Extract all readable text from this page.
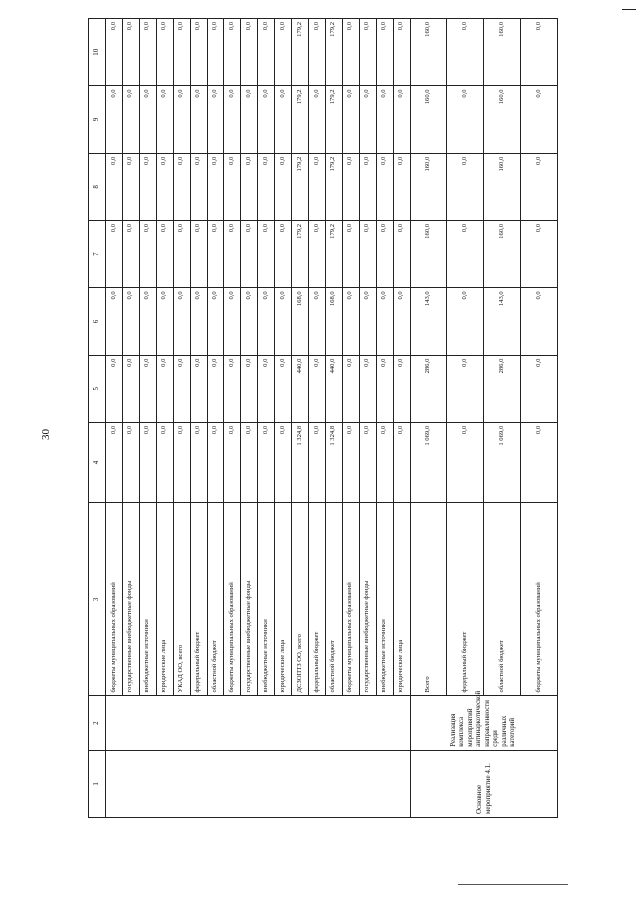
30
1	2	3	4	5	6	7	8	9	10
		бюджеты муниципальных образований	0,0	0,0	0,0	0,0	0,0	0,0	0,0
		государственные внебюджетные фонды	0,0	0,0	0,0	0,0	0,0	0,0	0,0
		внебюджетные источники	0,0	0,0	0,0	0,0	0,0	0,0	0,0
		юридические лица	0,0	0,0	0,0	0,0	0,0	0,0	0,0
		УКАД ОО, всего	0,0	0,0	0,0	0,0	0,0	0,0	0,0
		федеральный бюджет	0,0	0,0	0,0	0,0	0,0	0,0	0,0
		областной бюджет	0,0	0,0	0,0	0,0	0,0	0,0	0,0
		бюджеты муниципальных образований	0,0	0,0	0,0	0,0	0,0	0,0	0,0
		государственные внебюджетные фонды	0,0	0,0	0,0	0,0	0,0	0,0	0,0
		внебюджетные источники	0,0	0,0	0,0	0,0	0,0	0,0	0,0
		юридические лица	0,0	0,0	0,0	0,0	0,0	0,0	0,0
		ДСЗОПТЗ ОО, всего	1 324,8	440,0	168,0	179,2	179,2	179,2	179,2
		федеральный бюджет	0,0	0,0	0,0	0,0	0,0	0,0	0,0
		областной бюджет	1 324,8	440,0	168,0	179,2	179,2	179,2	179,2
		бюджеты муниципальных образований	0,0	0,0	0,0	0,0	0,0	0,0	0,0
		государственные внебюджетные фонды	0,0	0,0	0,0	0,0	0,0	0,0	0,0
		внебюджетные источники	0,0	0,0	0,0	0,0	0,0	0,0	0,0
		юридические лица	0,0	0,0	0,0	0,0	0,0	0,0	0,0
Основное мероприятие 4.1.	Реализация комплекса мероприятий антинаркотической направленности среди различных категорий	Всего	1 069,0	286,0	143,0	160,0	160,0	160,0	160,0
		федеральный бюджет	0,0	0,0	0,0	0,0	0,0	0,0	0,0
		областной бюджет	1 069,0	286,0	143,0	160,0	160,0	160,0	160,0
		бюджеты муниципальных образований	0,0	0,0	0,0	0,0	0,0	0,0	0,0
